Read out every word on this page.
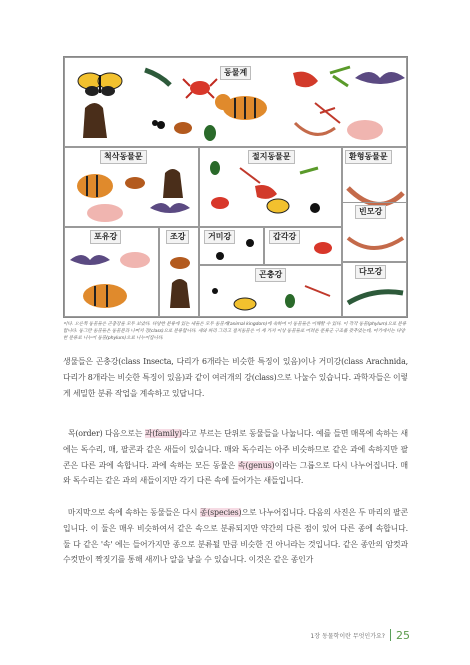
동물계
척삭동물문	절지동물문	환형동물문
빈모강
다모강
포유강	조강	거미강	갑각강
곤충강
이다. 오른쪽 동물들은 곤충강을 모두 보았다. 다양한 분류에 있는 새들은 모두 동물계(animal kingdom)에 속하여 이 동물들은 이해할 수 있다. 이 각각 동물(phylum)으로 분류합니다. 동그란 동물들은 동물문과 나머지 강(class)으로 분류합니다. 새와 파리 그리고 절지동물은 이 세 가지 이상 동물들로 어려운 분류군 구조를 갖추었는데, 여기에서는 다양한 분류로 나누어 동물(phylum)으로 나누어집니다.

생물들은 곤충강(class Insecta, 다리가 6개라는 비슷한 특징이 있음)이나 거미강(class Arachnida, 다리가 8개라는 비슷한 특징이 있음)과 같이 여러개의 강(class)으로 나눌수 있습니다. 과학자들은 이렇게 세밀한 분류 작업을 계속하고 있답니다.

목(order) 다음으로는 과(family)라고 부르는 단위로 동물들을 나눕니다. 예를 들면 매목에 속하는 새에는 독수리, 매, 팔콘과 같은 새들이 있습니다. 매와 독수리는 아주 비슷하므로 같은 과에 속하지만 팔콘은 다른 과에 속합니다. 과에 속하는 모든 동물은 속(genus)이라는 그룹으로 다시 나누어집니다. 매와 독수리는 같은 과의 새들이지만 각기 다른 속에 들어가는 새들입니다.

마지막으로 속에 속하는 동물들은 다시 종(species)으로 나누어집니다. 다음의 사진은 두 마리의 팔콘입니다. 이 둘은 매우 비슷하여서 같은 속으로 분류되지만 약간의 다른 점이 있어 다른 종에 속합니다. 둘 다 같은 '속' 에는 들어가지만 종으로 분류될 만큼 비슷한 건 아니라는 것입니다. 같은 종안의 암컷과 수컷만이 짝짓기를 통해 새끼나 알을 낳을 수 있습니다. 이것은 같은 종인가

1장 동물학이란 무엇인가요? 25
